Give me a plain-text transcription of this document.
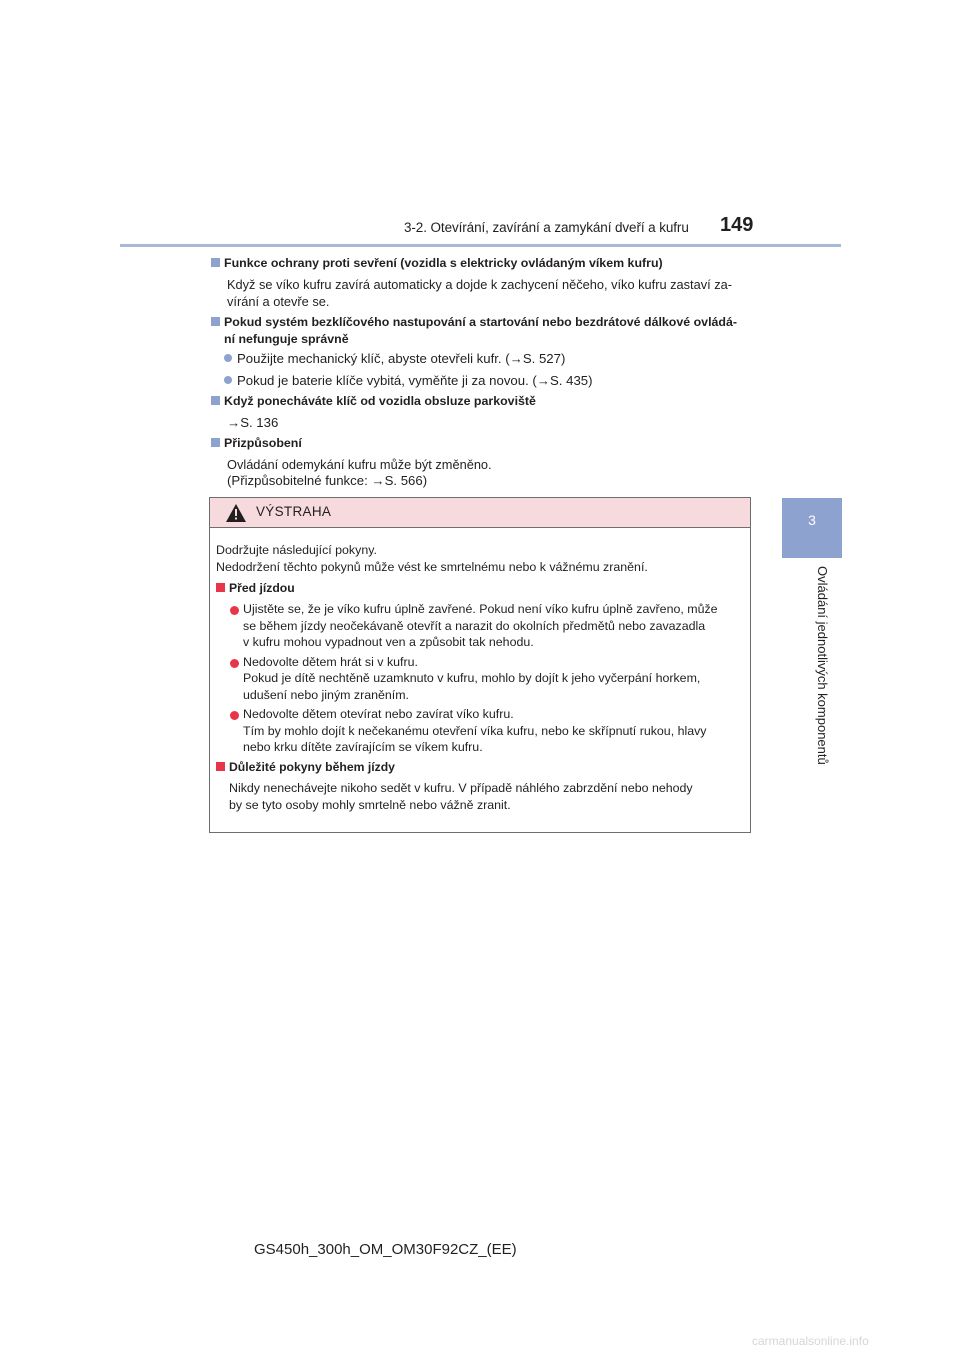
3-2. Otevírání, zavírání a zamykání dveří a kufru	149
3
Ovládání jednotlivých komponentů
Funkce ochrany proti sevření (vozidla s elektricky ovládaným víkem kufru)
Když se víko kufru zavírá automaticky a dojde k zachycení něčeho, víko kufru zastaví za-
vírání a otevře se.
Pokud systém bezklíčového nastupování a startování nebo bezdrátové dálkové ovládá-
ní nefunguje správně
Použijte mechanický klíč, abyste otevřeli kufr. (→S. 527)
Pokud je baterie klíče vybitá, vyměňte ji za novou. (→S. 435)
Když ponecháváte klíč od vozidla obsluze parkoviště
→S. 136
Přizpůsobení
Ovládání odemykání kufru může být změněno.
(Přizpůsobitelné funkce: →S. 566)
VÝSTRAHA
Dodržujte následující pokyny.
Nedodržení těchto pokynů může vést ke smrtelnému nebo k vážnému zranění.
Před jízdou
Ujistěte se, že je víko kufru úplně zavřené. Pokud není víko kufru úplně zavřeno, může
se během jízdy neočekávaně otevřít a narazit do okolních předmětů nebo zavazadla
v kufru mohou vypadnout ven a způsobit tak nehodu.
Nedovolte dětem hrát si v kufru.
Pokud je dítě nechtěně uzamknuto v kufru, mohlo by dojít k jeho vyčerpání horkem,
udušení nebo jiným zraněním.
Nedovolte dětem otevírat nebo zavírat víko kufru.
Tím by mohlo dojít k nečekanému otevření víka kufru, nebo ke skřípnutí rukou, hlavy
nebo krku dítěte zavírajícím se víkem kufru.
Důležité pokyny během jízdy
Nikdy nenechávejte nikoho sedět v kufru. V případě náhlého zabrzdění nebo nehody
by se tyto osoby mohly smrtelně nebo vážně zranit.
GS450h_300h_OM_OM30F92CZ_(EE)
carmanualsonline.info
